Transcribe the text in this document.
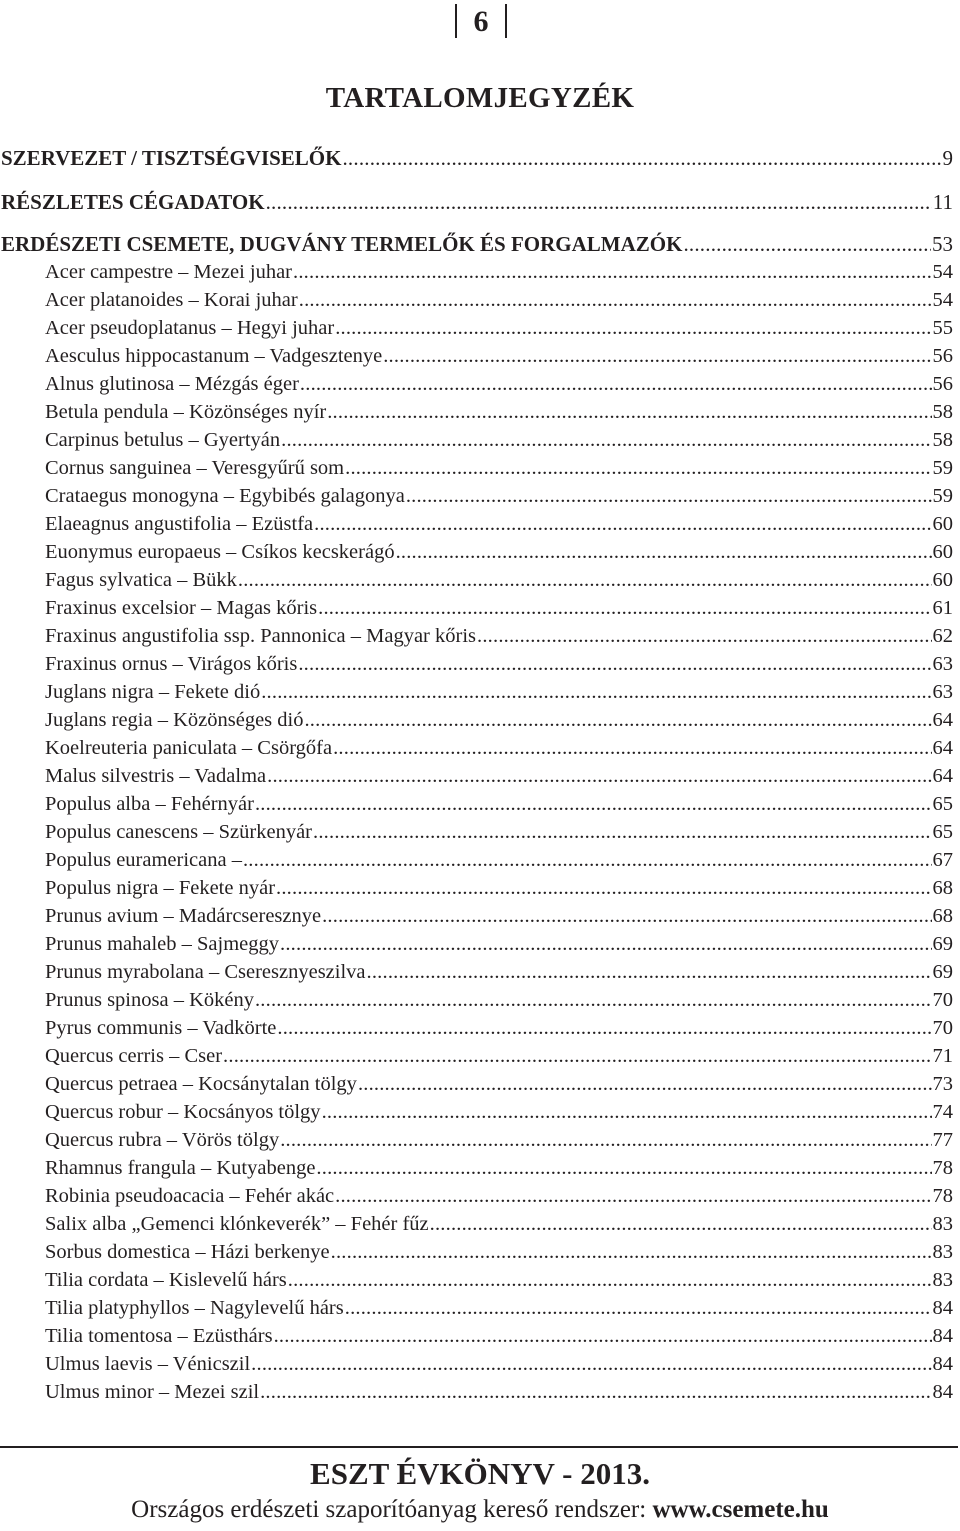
6
TARTALOMJEGYZÉK
SZERVEZET / TISZTSÉGVISELŐK .....	9
RÉSZLETES CÉGADATOK .....	11
ERDÉSZETI CSEMETE, DUGVÁNY TERMELŐK ÉS FORGALMAZÓK .....	53
Acer campestre – Mezei juhar .....	54
Acer platanoides – Korai juhar .....	54
Acer pseudoplatanus – Hegyi juhar .....	55
Aesculus hippocastanum – Vadgesztenye .....	56
Alnus glutinosa – Mézgás éger .....	56
Betula pendula – Közönséges nyír .....	58
Carpinus betulus – Gyertyán .....	58
Cornus sanguinea – Veresgyűrű som .....	59
Crataegus monogyna – Egybibés galagonya .....	59
Elaeagnus angustifolia – Ezüstfa .....	60
Euonymus europaeus – Csíkos kecskerágó .....	60
Fagus sylvatica – Bükk .....	60
Fraxinus excelsior – Magas kőris .....	61
Fraxinus angustifolia ssp. Pannonica – Magyar kőris .....	62
Fraxinus ornus – Virágos kőris .....	63
Juglans nigra – Fekete dió .....	63
Juglans regia – Közönséges dió .....	64
Koelreuteria paniculata – Csörgőfa .....	64
Malus silvestris – Vadalma .....	64
Populus alba – Fehérnyár .....	65
Populus canescens – Szürkenyár .....	65
Populus euramericana – .....	67
Populus nigra – Fekete nyár .....	68
Prunus avium – Madárcseresznye .....	68
Prunus mahaleb – Sajmeggy .....	69
Prunus myrabolana – Cseresznyeszilva .....	69
Prunus spinosa – Kökény .....	70
Pyrus communis – Vadkörte .....	70
Quercus cerris – Cser .....	71
Quercus petraea – Kocsánytalan tölgy .....	73
Quercus robur – Kocsányos tölgy .....	74
Quercus rubra – Vörös tölgy .....	77
Rhamnus frangula – Kutyabenge .....	78
Robinia pseudoacacia – Fehér akác .....	78
Salix alba „Gemenci klónkeverék” – Fehér fűz .....	83
Sorbus domestica – Házi berkenye .....	83
Tilia cordata – Kislevelű hárs .....	83
Tilia platyphyllos – Nagylevelű hárs .....	84
Tilia tomentosa – Ezüsthárs .....	84
Ulmus laevis – Vénicszil .....	84
Ulmus minor – Mezei szil .....	84
ESZT ÉVKÖNYV - 2013.
Országos erdészeti szaporítóanyag kereső rendszer: www.csemete.hu
